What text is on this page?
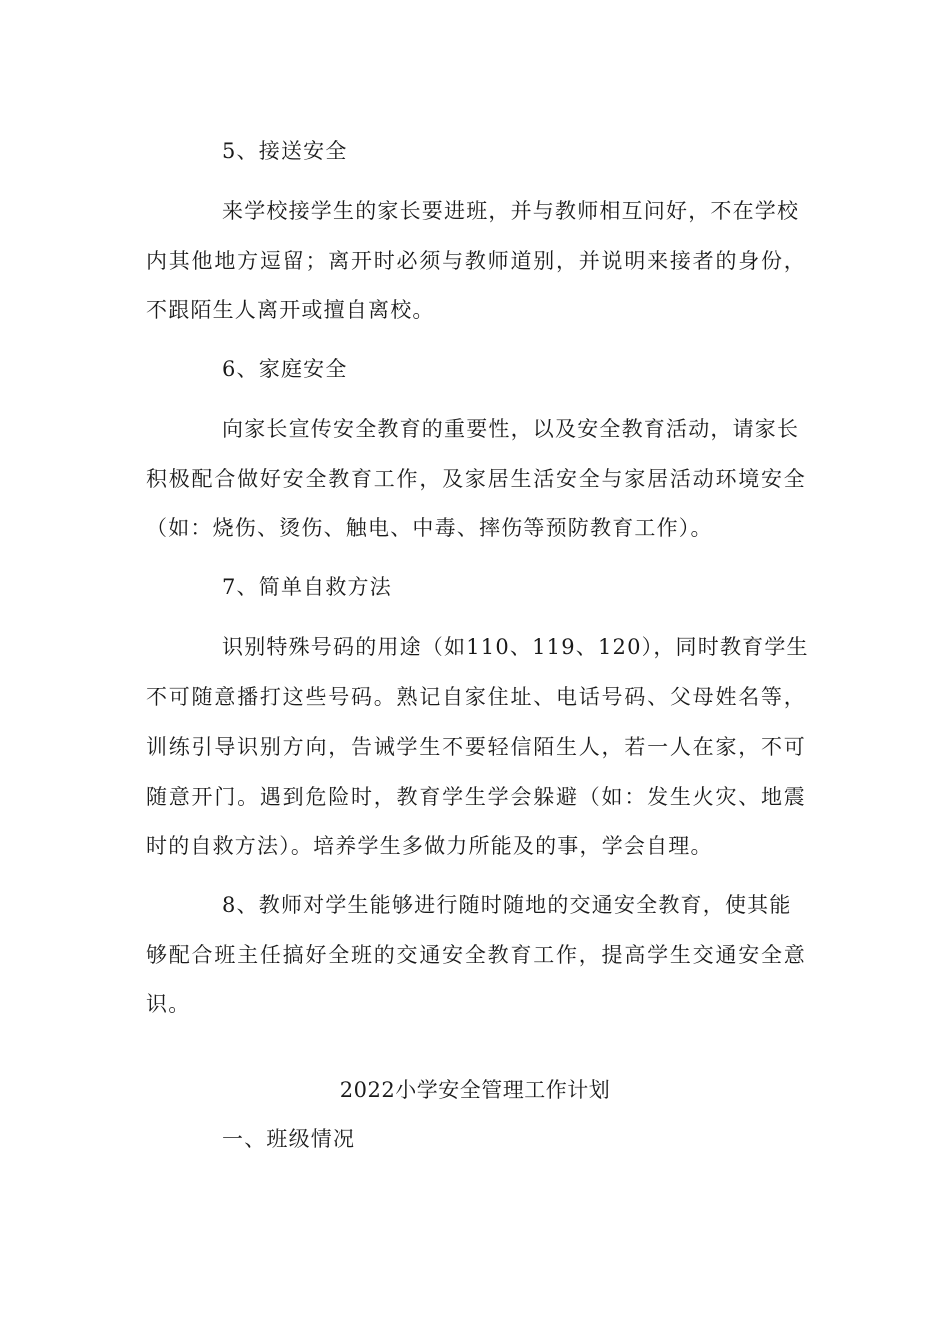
5、接送安全
来学校接学生的家长要进班，并与教师相互问好，不在学校
内其他地方逗留；离开时必须与教师道别，并说明来接者的身份，
不跟陌生人离开或擅自离校。
6、家庭安全
向家长宣传安全教育的重要性，以及安全教育活动，请家长
积极配合做好安全教育工作，及家居生活安全与家居活动环境安全
（如：烧伤、烫伤、触电、中毒、摔伤等预防教育工作）。
7、简单自救方法
识别特殊号码的用途（如110、119、120），同时教育学生
不可随意播打这些号码。熟记自家住址、电话号码、父母姓名等，
训练引导识别方向，告诫学生不要轻信陌生人，若一人在家，不可
随意开门。遇到危险时，教育学生学会躲避（如：发生火灾、地震
时的自救方法）。培养学生多做力所能及的事，学会自理。
8、教师对学生能够进行随时随地的交通安全教育，使其能
够配合班主任搞好全班的交通安全教育工作，提高学生交通安全意
识。
2022小学安全管理工作计划
一、班级情况
